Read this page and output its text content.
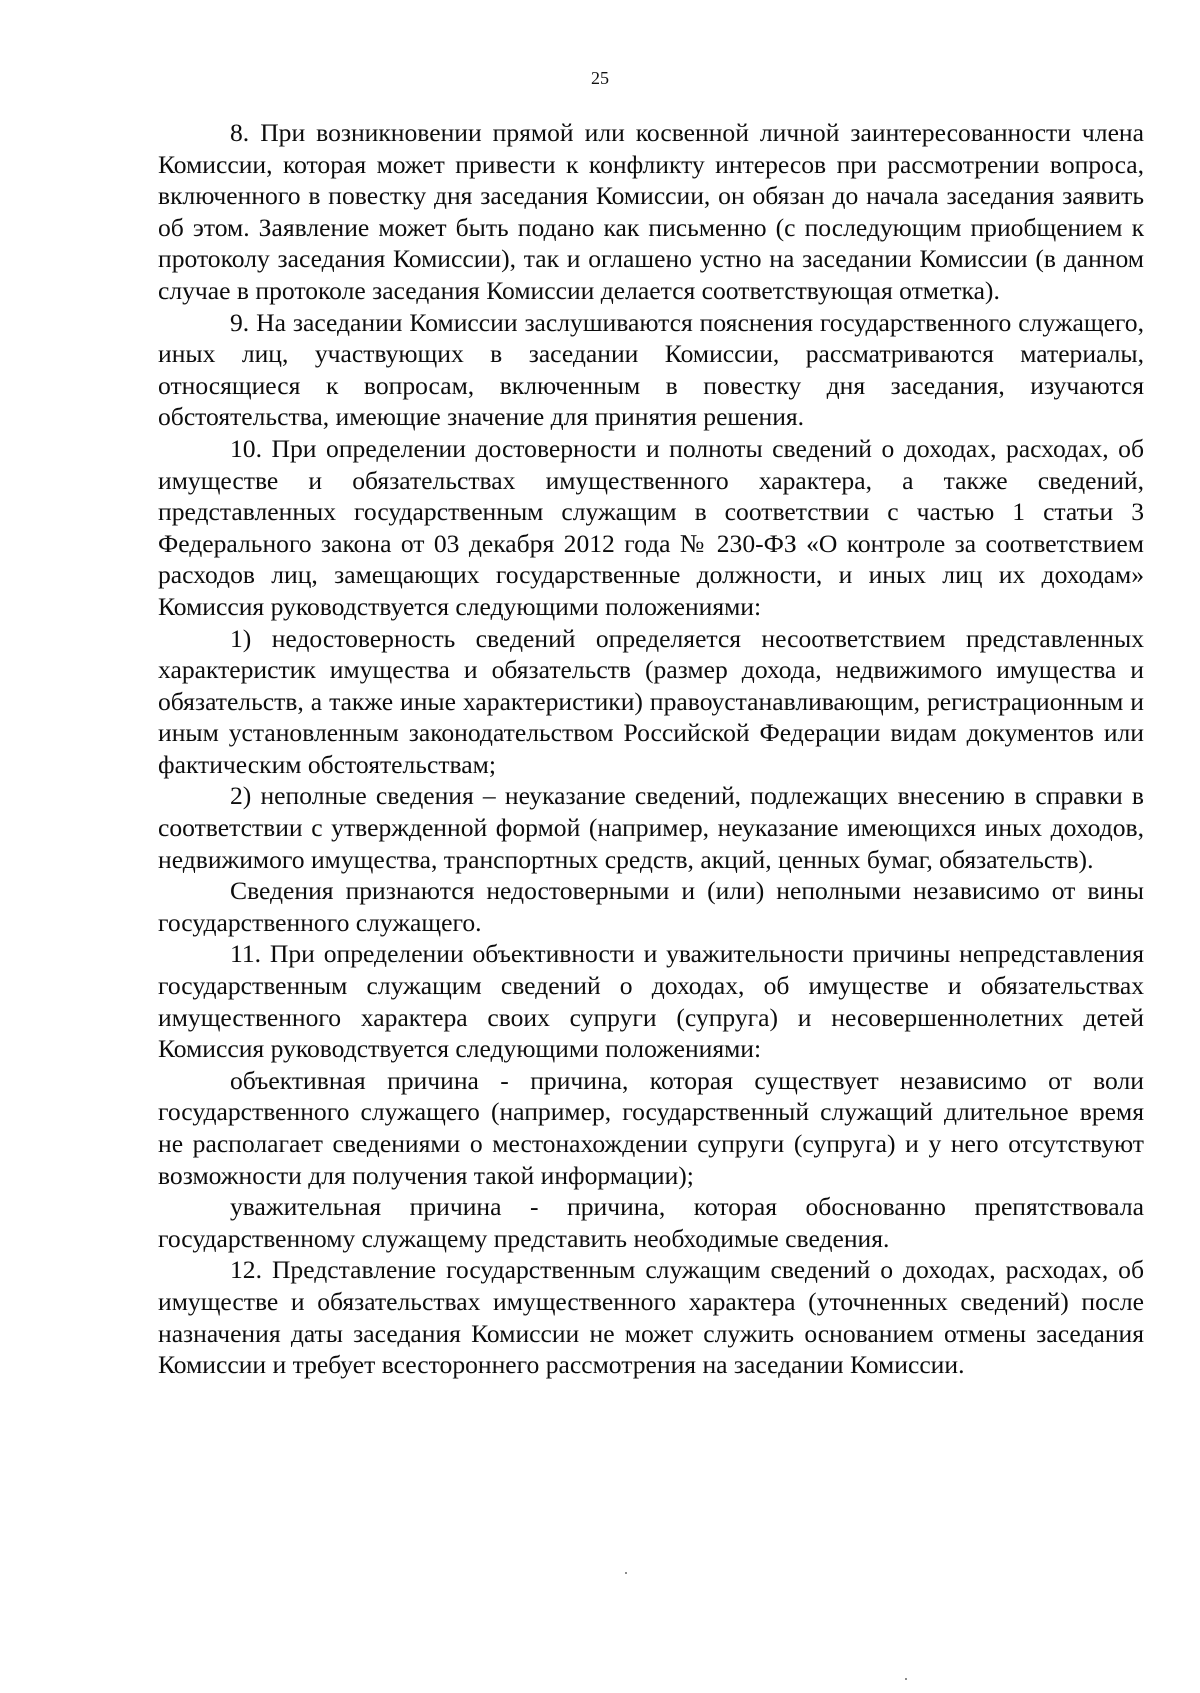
25

8. При возникновении прямой или косвенной личной заинтересованности члена Комиссии, которая может привести к конфликту интересов при рассмотрении вопроса, включенного в повестку дня заседания Комиссии, он обязан до начала заседания заявить об этом. Заявление может быть подано как письменно (с последующим приобщением к протоколу заседания Комиссии), так и оглашено устно на заседании Комиссии (в данном случае в протоколе заседания Комиссии делается соответствующая отметка).

9. На заседании Комиссии заслушиваются пояснения государственного служащего, иных лиц, участвующих в заседании Комиссии, рассматриваются материалы, относящиеся к вопросам, включенным в повестку дня заседания, изучаются обстоятельства, имеющие значение для принятия решения.

10. При определении достоверности и полноты сведений о доходах, расходах, об имуществе и обязательствах имущественного характера, а также сведений, представленных государственным служащим в соответствии с частью 1 статьи 3 Федерального закона от 03 декабря 2012 года № 230-ФЗ «О контроле за соответствием расходов лиц, замещающих государственные должности, и иных лиц их доходам» Комиссия руководствуется следующими положениями:

1) недостоверность сведений определяется несоответствием представленных характеристик имущества и обязательств (размер дохода, недвижимого имущества и обязательств, а также иные характеристики) правоустанавливающим, регистрационным и иным установленным законодательством Российской Федерации видам документов или фактическим обстоятельствам;

2) неполные сведения – неуказание сведений, подлежащих внесению в справки в соответствии с утвержденной формой (например, неуказание имеющихся иных доходов, недвижимого имущества, транспортных средств, акций, ценных бумаг, обязательств).

Сведения признаются недостоверными и (или) неполными независимо от вины государственного служащего.

11. При определении объективности и уважительности причины непредставления государственным служащим сведений о доходах, об имуществе и обязательствах имущественного характера своих супруги (супруга) и несовершеннолетних детей Комиссия руководствуется следующими положениями:

объективная причина - причина, которая существует независимо от воли государственного служащего (например, государственный служащий длительное время не располагает сведениями о местонахождении супруги (супруга) и у него отсутствуют возможности для получения такой информации);

уважительная причина - причина, которая обоснованно препятствовала государственному служащему представить необходимые сведения.

12. Представление государственным служащим сведений о доходах, расходах, об имуществе и обязательствах имущественного характера (уточненных сведений) после назначения даты заседания Комиссии не может служить основанием отмены заседания Комиссии и требует всестороннего рассмотрения на заседании Комиссии.
